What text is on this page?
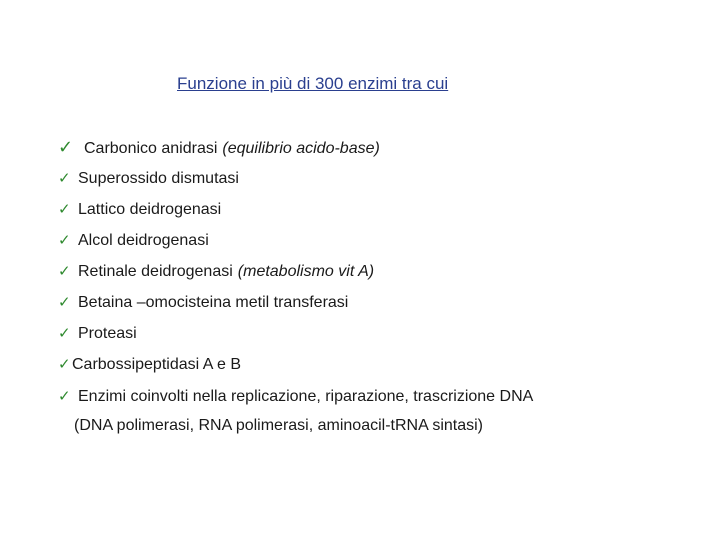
Funzione in più di 300 enzimi tra cui
✓ Carbonico anidrasi (equilibrio acido-base)
✓ Superossido dismutasi
✓ Lattico deidrogenasi
✓ Alcol deidrogenasi
✓ Retinale deidrogenasi (metabolismo vit A)
✓ Betaina –omocisteina metil transferasi
✓ Proteasi
✓ Carbossipeptidasi A e B
✓ Enzimi coinvolti nella replicazione, riparazione, trascrizione DNA
(DNA polimerasi, RNA polimerasi, aminoacil-tRNA sintasi)
